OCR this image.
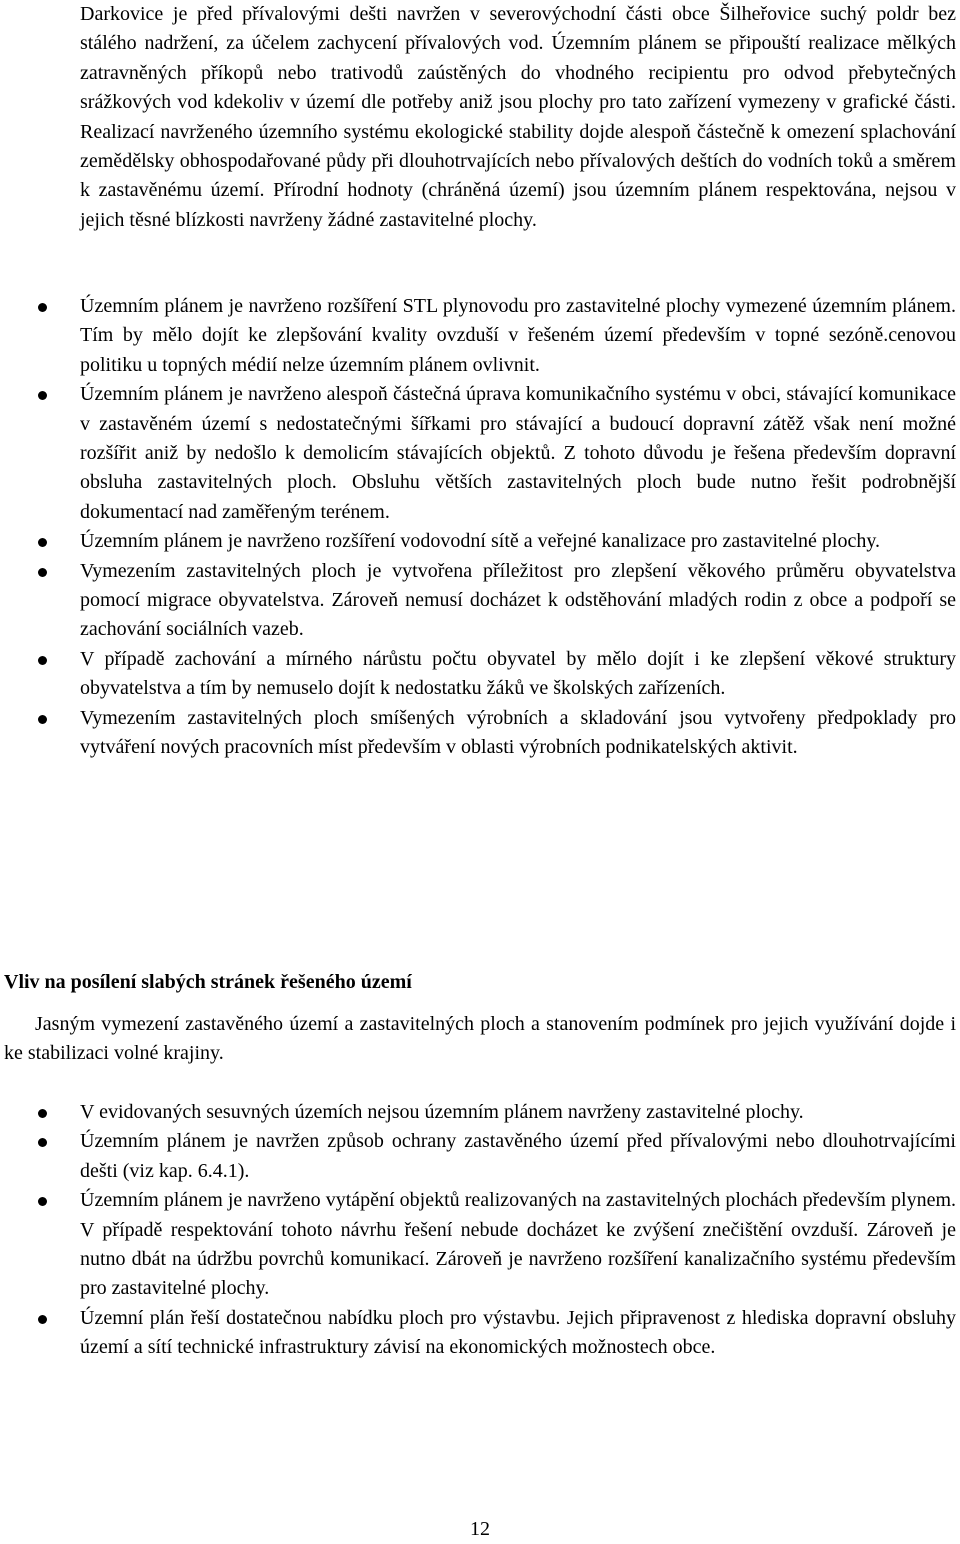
Darkovice je před přívalovými dešti navržen v severovýchodní části obce Šilheřovice suchý poldr bez stálého nadržení, za účelem zachycení přívalových vod. Územním plánem se připouští realizace mělkých zatravněných příkopů nebo trativodů zaústěných do vhodného recipientu pro odvod přebytečných srážkových vod kdekoliv v území dle potřeby aniž jsou plochy pro tato zařízení vymezeny v grafické části. Realizací navrženého územního systému ekologické stability dojde alespoň částečně k omezení splachování zemědělsky obhospodařované půdy při dlouhotrvajících nebo přívalových deštích do vodních toků a směrem k zastavěnému území. Přírodní hodnoty (chráněná území) jsou územním plánem respektována, nejsou v jejich těsné blízkosti navrženy žádné zastavitelné plochy.

Územním plánem je navrženo rozšíření STL plynovodu pro zastavitelné plochy vymezené územním plánem. Tím by mělo dojít ke zlepšování kvality ovzduší v řešeném území především v topné sezóně.cenovou politiku u topných médií nelze územním plánem ovlivnit.
Územním plánem je navrženo alespoň částečná úprava komunikačního systému v obci, stávající komunikace v zastavěném území s nedostatečnými šířkami pro stávající a budoucí dopravní zátěž však není možné rozšířit aniž by nedošlo k demolicím stávajících objektů. Z tohoto důvodu je řešena především dopravní obsluha zastavitelných ploch. Obsluhu větších zastavitelných ploch bude nutno řešit podrobnější dokumentací nad zaměřeným terénem.
Územním plánem je navrženo rozšíření vodovodní sítě a veřejné kanalizace pro zastavitelné plochy.
Vymezením zastavitelných ploch je vytvořena příležitost pro zlepšení věkového průměru obyvatelstva pomocí migrace obyvatelstva. Zároveň nemusí docházet k odstěhování mladých rodin z obce a podpoří se zachování sociálních vazeb.
V případě zachování a mírného nárůstu počtu obyvatel by mělo dojít i ke zlepšení věkové struktury obyvatelstva a tím by nemuselo dojít k nedostatku žáků ve školských zařízeních.
Vymezením zastavitelných ploch smíšených výrobních a skladování jsou vytvořeny předpoklady pro vytváření nových pracovních míst především v oblasti výrobních podnikatelských aktivit.
Vliv na posílení slabých stránek řešeného území

Jasným vymezení zastavěného území a zastavitelných ploch a stanovením podmínek pro jejich využívání dojde i ke stabilizaci volné krajiny.

V evidovaných sesuvných územích nejsou územním plánem navrženy zastavitelné plochy.
Územním plánem je navržen způsob ochrany zastavěného území před přívalovými nebo dlouhotrvajícími dešti (viz kap. 6.4.1).
Územním plánem je navrženo vytápění objektů realizovaných na zastavitelných plochách především plynem. V případě respektování tohoto návrhu řešení nebude docházet ke zvýšení znečištění ovzduší. Zároveň je nutno dbát na údržbu povrchů komunikací. Zároveň je navrženo rozšíření kanalizačního systému především pro zastavitelné plochy.
Územní plán řeší dostatečnou nabídku ploch pro výstavbu. Jejich připravenost z hlediska dopravní obsluhy území a sítí technické infrastruktury závisí na ekonomických možnostech obce.

12
